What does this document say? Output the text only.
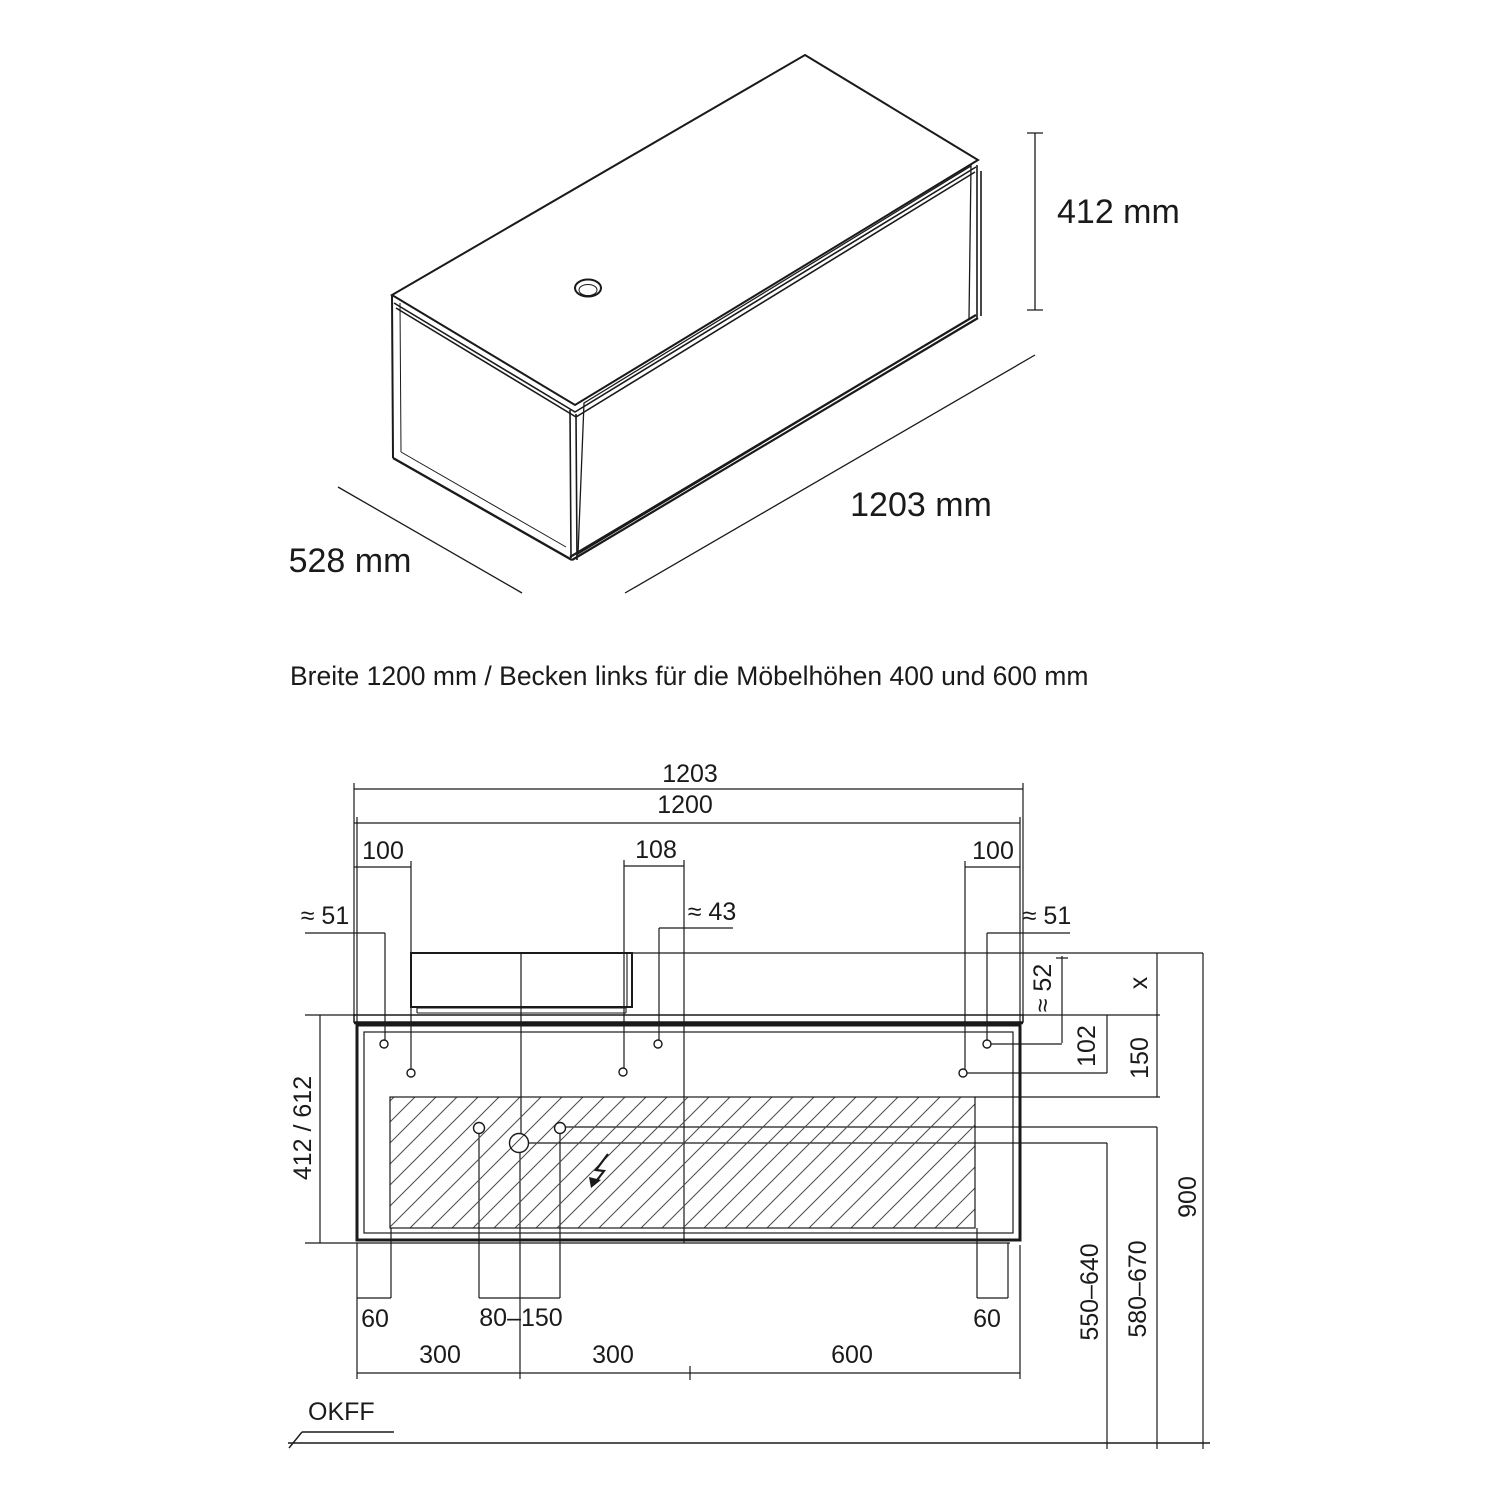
412 mm
1203 mm
528 mm
Breite 1200 mm / Becken links für die Möbelhöhen 400 und 600 mm
1203
1200
100	108	100
≈ 51	≈ 43	≈ 51
≈ 52	x
102 150
412 / 612
900
550–640 580–670
60	80–150	60
300	300	600
OKFF
